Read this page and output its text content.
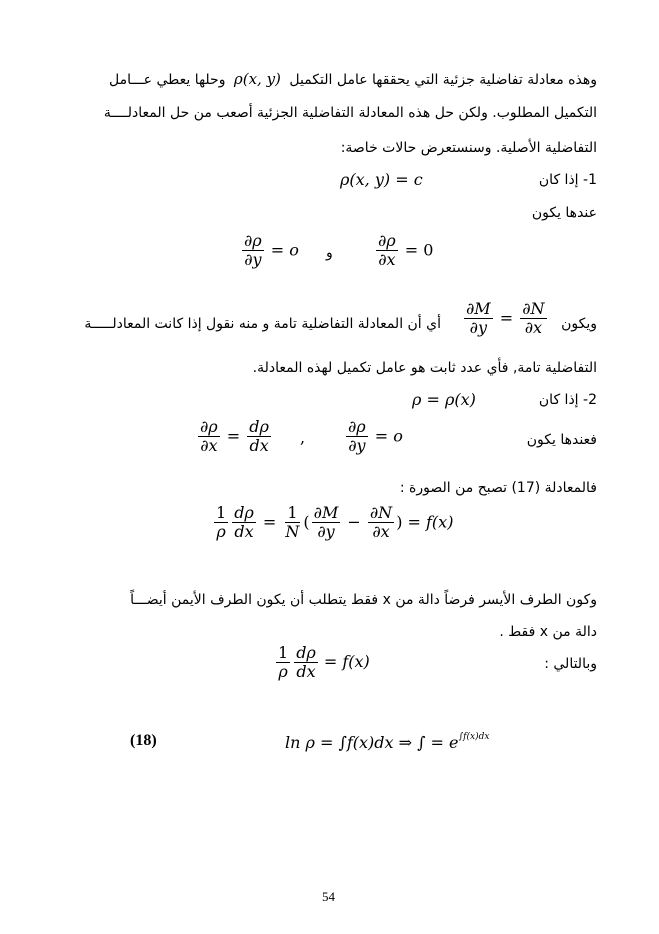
وهذه معادلة تفاضلية جزئية التي يحققها عامل التكميل ρ(x, y) وحلها يعطي عـــامل
التكميل المطلوب. ولكن حل هذه المعادلة التفاضلية الجزئية أصعب من حل المعادلــــة
التفاضلية الأصلية. وسنستعرض حالات خاصة:
1- إذا كان
ρ(x, y) = c
عندها يكون
$\frac{\partial\rho}{\partial y} = o$ و	$\frac{\partial\rho}{\partial x} = 0$
ويكون
$\frac{\partial M}{\partial y} = \frac{\partial N}{\partial x}$
أي أن المعادلة التفاضلية تامة و منه نقول إذا كانت المعادلـــــة
التفاضلية تامة, فأي عدد ثابت هو عامل تكميل لهذه المعادلة.
2- إذا كان
ρ = ρ(x)
فعندها يكون
$\frac{\partial\rho}{\partial x} = \frac{d\rho}{dx}$ ,	$\frac{\partial\rho}{\partial y} = o$
فالمعادلة (17) تصبح من الصورة :
$\frac{1}{\rho} \frac{d\rho}{dx} = \frac{1}{N}$ ( $\frac{\partial M}{\partial y} - \frac{\partial N}{\partial x}$ ) = f(x)
وكون الطرف الأيسر فرضاً دالة من x فقط يتطلب أن يكون الطرف الأيمن أيضـــاً
دالة من x فقط .
وبالتالي :
$\frac{1}{\rho} \frac{d\rho}{dx} = f(x)$
(18)	ln ρ = ∫f(x)dx ⇒ ∫ = $e^{\int f(x)dx}$
54
